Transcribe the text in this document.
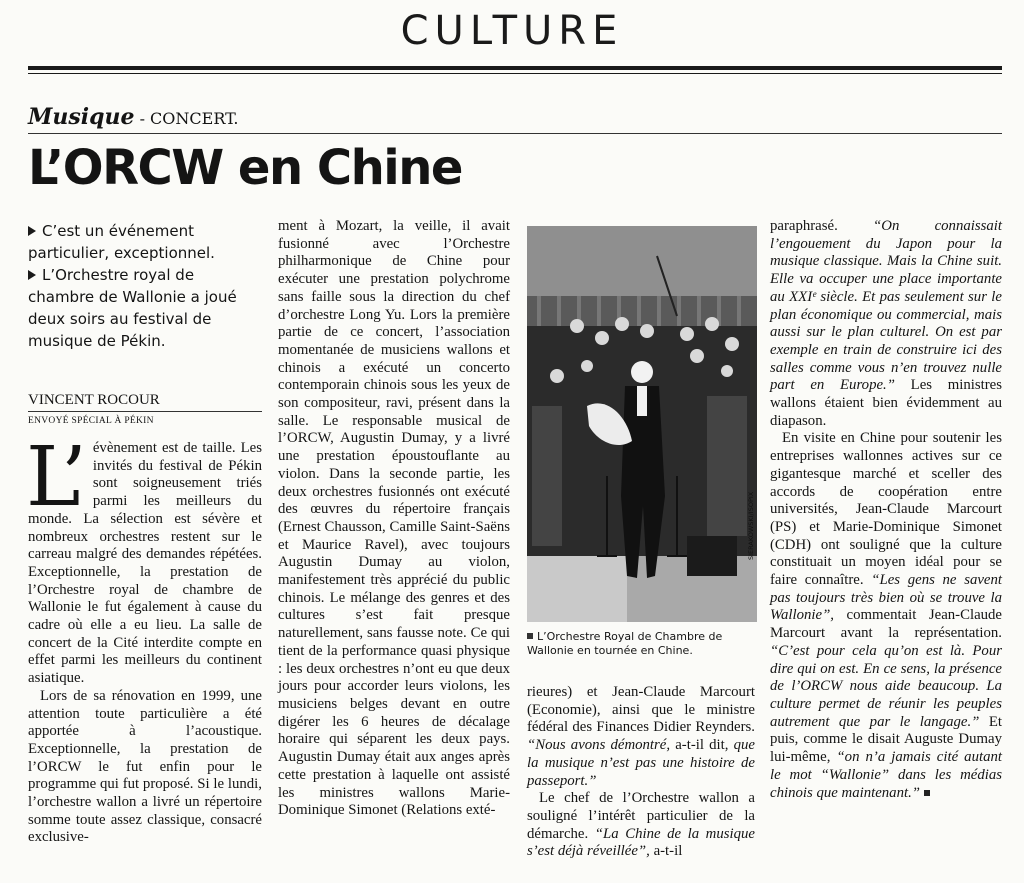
CULTURE
Musique - CONCERT.
L’ORCW en Chine
C’est un événement particulier, exceptionnel.
L’Orchestre royal de chambre de Wallonie a joué deux soirs au festival de musique de Pékin.
VINCENT ROCOUR
ENVOYÉ SPÉCIAL À PÉKIN

L’ évènement est de taille. Les invités du festival de Pékin sont soigneusement triés parmi les meilleurs du monde. La sélection est sévère et nombreux orchestres restent sur le carreau malgré des demandes répétées. Exceptionnelle, la prestation de l’Orchestre royal de chambre de Wallonie le fut également à cause du cadre où elle a eu lieu. La salle de concert de la Cité interdite compte en effet parmi les meilleurs du continent asiatique.

Lors de sa rénovation en 1999, une attention toute particulière a été apportée à l’acoustique. Exceptionnelle, la prestation de l’ORCW le fut enfin pour le programme qui fut proposé. Si le lundi, l’orchestre wallon a livré un répertoire somme toute assez classique, consacré exclusive-

ment à Mozart, la veille, il avait fusionné avec l’Orchestre philharmonique de Chine pour exécuter une prestation polychrome sans faille sous la direction du chef d’orchestre Long Yu. Lors la première partie de ce concert, l’association momentanée de musiciens wallons et chinois a exécuté un concerto contemporain chinois sous les yeux de son compositeur, ravi, présent dans la salle. Le responsable musical de l’ORCW, Augustin Dumay, y a livré une prestation époustouflante au violon. Dans la seconde partie, les deux orchestres fusionnés ont exécuté des œuvres du répertoire français (Ernest Chausson, Camille Saint-Saëns et Maurice Ravel), avec toujours Augustin Dumay au violon, manifestement très apprécié du public chinois. Le mélange des genres et des cultures s’est fait presque naturellement, sans fausse note. Ce qui tient de la performance quasi physique : les deux orchestres n’ont eu que deux jours pour accorder leurs violons, les musiciens belges devant en outre digérer les 6 heures de décalage horaire qui séparent les deux pays. Augustin Dumay était aux anges après cette prestation à laquelle ont assisté les ministres wallons Marie-Dominique Simonet (Relations exté-

SIERAKOWSKI/ISOPIX
L’Orchestre Royal de Chambre de Wallonie en tournée en Chine.

rieures) et Jean-Claude Marcourt (Economie), ainsi que le ministre fédéral des Finances Didier Reynders. “Nous avons démontré, a-t-il dit, que la musique n’est pas une histoire de passeport.”

Le chef de l’Orchestre wallon a souligné l’intérêt particulier de la démarche. “La Chine de la musique s’est déjà réveillée”, a-t-il

paraphrasé. “On connaissait l’engouement du Japon pour la musique classique. Mais la Chine suit. Elle va occuper une place importante au XXIᵉ siècle. Et pas seulement sur le plan économique ou commercial, mais aussi sur le plan culturel. On est par exemple en train de construire ici des salles comme vous n’en trouvez nulle part en Europe.” Les ministres wallons étaient bien évidemment au diapason.

En visite en Chine pour soutenir les entreprises wallonnes actives sur ce gigantesque marché et sceller des accords de coopération entre universités, Jean-Claude Marcourt (PS) et Marie-Dominique Simonet (CDH) ont souligné que la culture constituait un moyen idéal pour se faire connaître. “Les gens ne savent pas toujours très bien où se trouve la Wallonie”, commentait Jean-Claude Marcourt avant la représentation. “C’est pour cela qu’on est là. Pour dire qui on est. En ce sens, la présence de l’ORCW nous aide beaucoup. La culture permet de réunir les peuples autrement que par le langage.” Et puis, comme le disait Auguste Dumay lui-même, “on n’a jamais cité autant le mot “Wallonie” dans les médias chinois que maintenant.”
